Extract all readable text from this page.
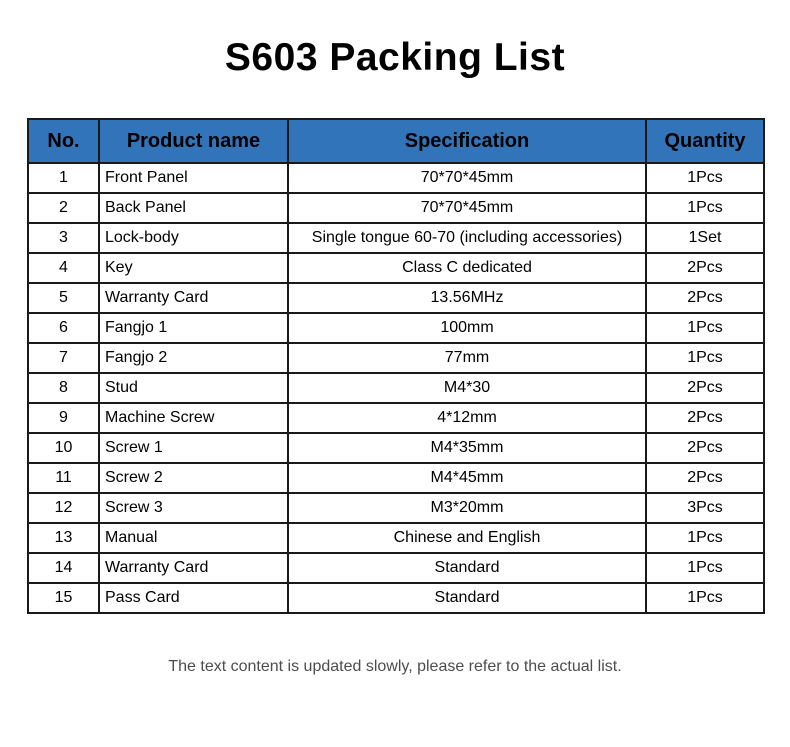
S603 Packing List
No.	Product name	Specification	Quantity
1	Front Panel	70*70*45mm	1Pcs
2	Back Panel	70*70*45mm	1Pcs
3	Lock-body	Single tongue 60-70 (including accessories)	1Set
4	Key	Class C dedicated	2Pcs
5	Warranty Card	13.56MHz	2Pcs
6	Fangjo 1	100mm	1Pcs
7	Fangjo 2	77mm	1Pcs
8	Stud	M4*30	2Pcs
9	Machine Screw	4*12mm	2Pcs
10	Screw 1	M4*35mm	2Pcs
11	Screw 2	M4*45mm	2Pcs
12	Screw 3	M3*20mm	3Pcs
13	Manual	Chinese and English	1Pcs
14	Warranty Card	Standard	1Pcs
15	Pass Card	Standard	1Pcs
The text content is updated slowly, please refer to the actual list.
